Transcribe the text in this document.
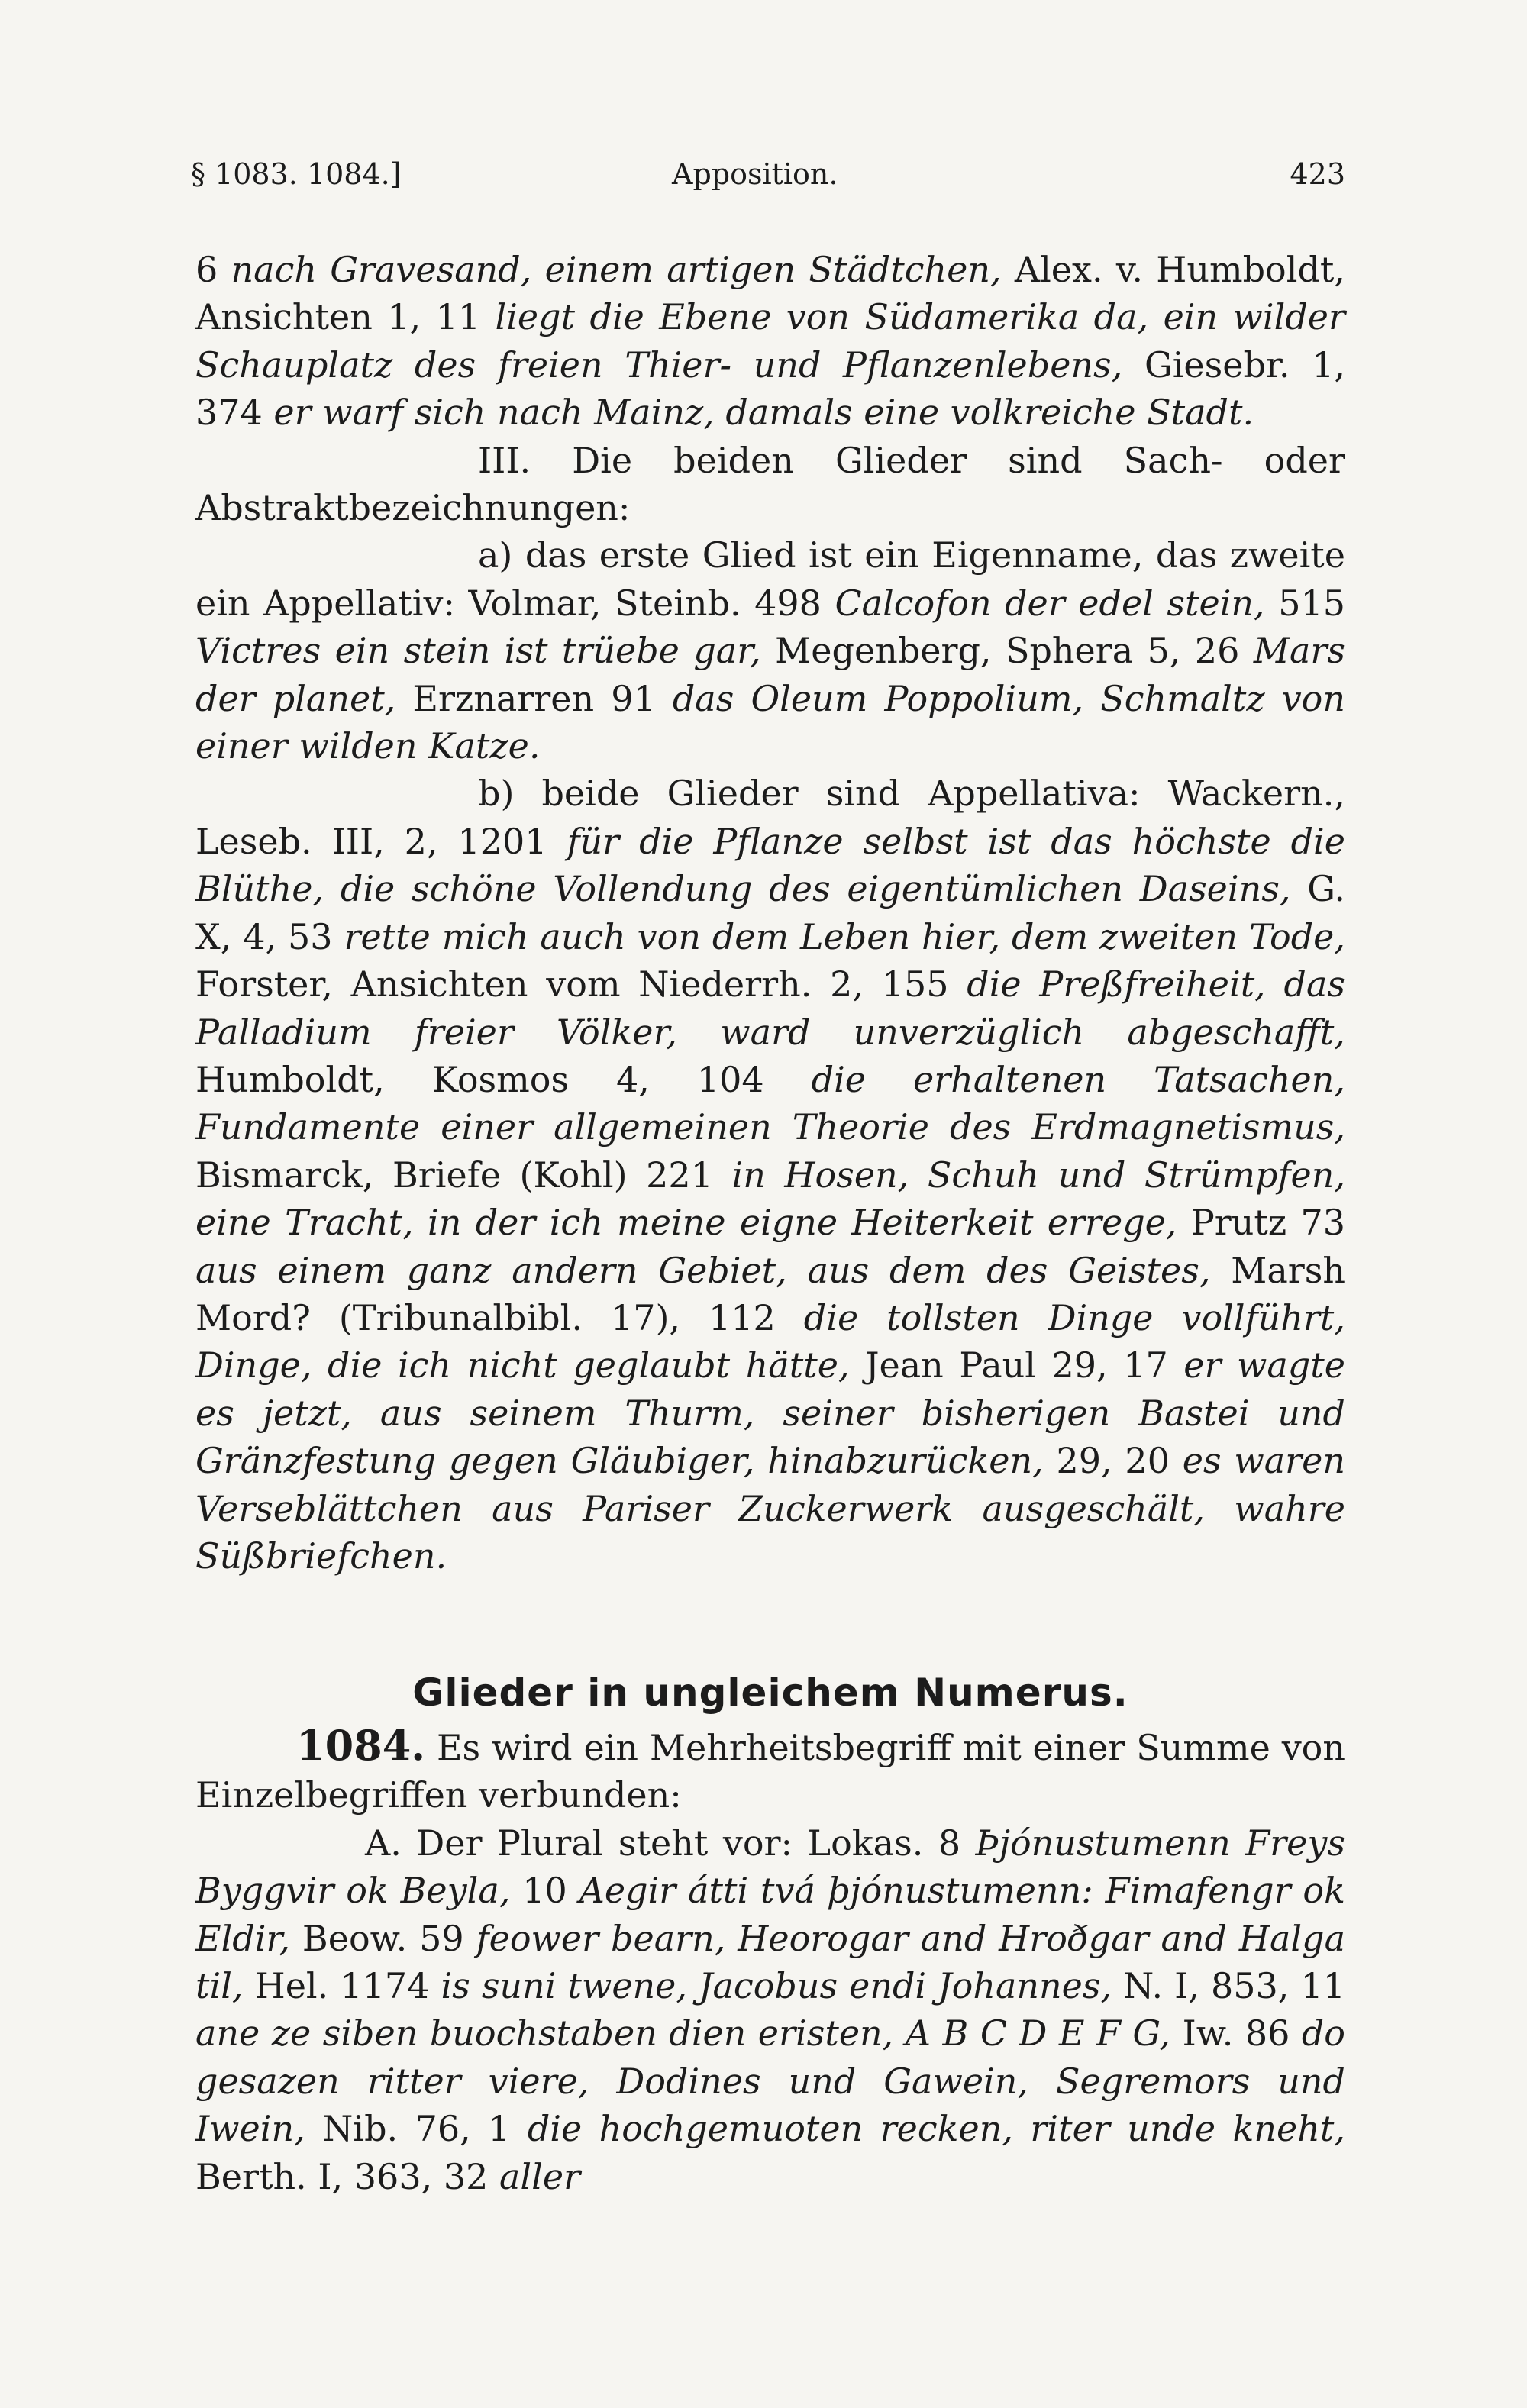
§ 1083. 1084.]	Apposition.	423

6 nach Gravesand, einem artigen Städtchen, Alex. v. Humboldt, Ansichten 1, 11 liegt die Ebene von Südamerika da, ein wilder Schauplatz des freien Thier- und Pflanzenlebens, Giesebr. 1, 374 er warf sich nach Mainz, damals eine volkreiche Stadt.

III. Die beiden Glieder sind Sach- oder Abstraktbezeichnungen:

a) das erste Glied ist ein Eigenname, das zweite ein Appellativ: Volmar, Steinb. 498 Calcofon der edel stein, 515 Victres ein stein ist trüebe gar, Megenberg, Sphera 5, 26 Mars der planet, Erznarren 91 das Oleum Poppolium, Schmaltz von einer wilden Katze.

b) beide Glieder sind Appellativa: Wackern., Leseb. III, 2, 1201 für die Pflanze selbst ist das höchste die Blüthe, die schöne Vollendung des eigentümlichen Daseins, G. X, 4, 53 rette mich auch von dem Leben hier, dem zweiten Tode, Forster, Ansichten vom Niederrh. 2, 155 die Preßfreiheit, das Palladium freier Völker, ward unverzüglich abgeschafft, Humboldt, Kosmos 4, 104 die erhaltenen Tatsachen, Fundamente einer allgemeinen Theorie des Erdmagnetismus, Bismarck, Briefe (Kohl) 221 in Hosen, Schuh und Strümpfen, eine Tracht, in der ich meine eigne Heiterkeit errege, Prutz 73 aus einem ganz andern Gebiet, aus dem des Geistes, Marsh Mord? (Tribunalbibl. 17), 112 die tollsten Dinge vollführt, Dinge, die ich nicht geglaubt hätte, Jean Paul 29, 17 er wagte es jetzt, aus seinem Thurm, seiner bisherigen Bastei und Gränzfestung gegen Gläubiger, hinabzurücken, 29, 20 es waren Verseblättchen aus Pariser Zuckerwerk ausgeschält, wahre Süßbriefchen.

Glieder in ungleichem Numerus.

1084. Es wird ein Mehrheitsbegriff mit einer Summe von Einzelbegriffen verbunden:

A. Der Plural steht vor: Lokas. 8 Þjónustumenn Freys Byggvir ok Beyla, 10 Aegir átti tvá þjónustumenn: Fimafengr ok Eldir, Beow. 59 feower bearn, Heorogar and Hroðgar and Halga til, Hel. 1174 is suni twene, Jacobus endi Johannes, N. I, 853, 11 ane ze siben buochstaben dien eristen, A B C D E F G, Iw. 86 do gesazen ritter viere, Dodines und Gawein, Segremors und Iwein, Nib. 76, 1 die hochgemuoten recken, riter unde kneht, Berth. I, 363, 32 aller
